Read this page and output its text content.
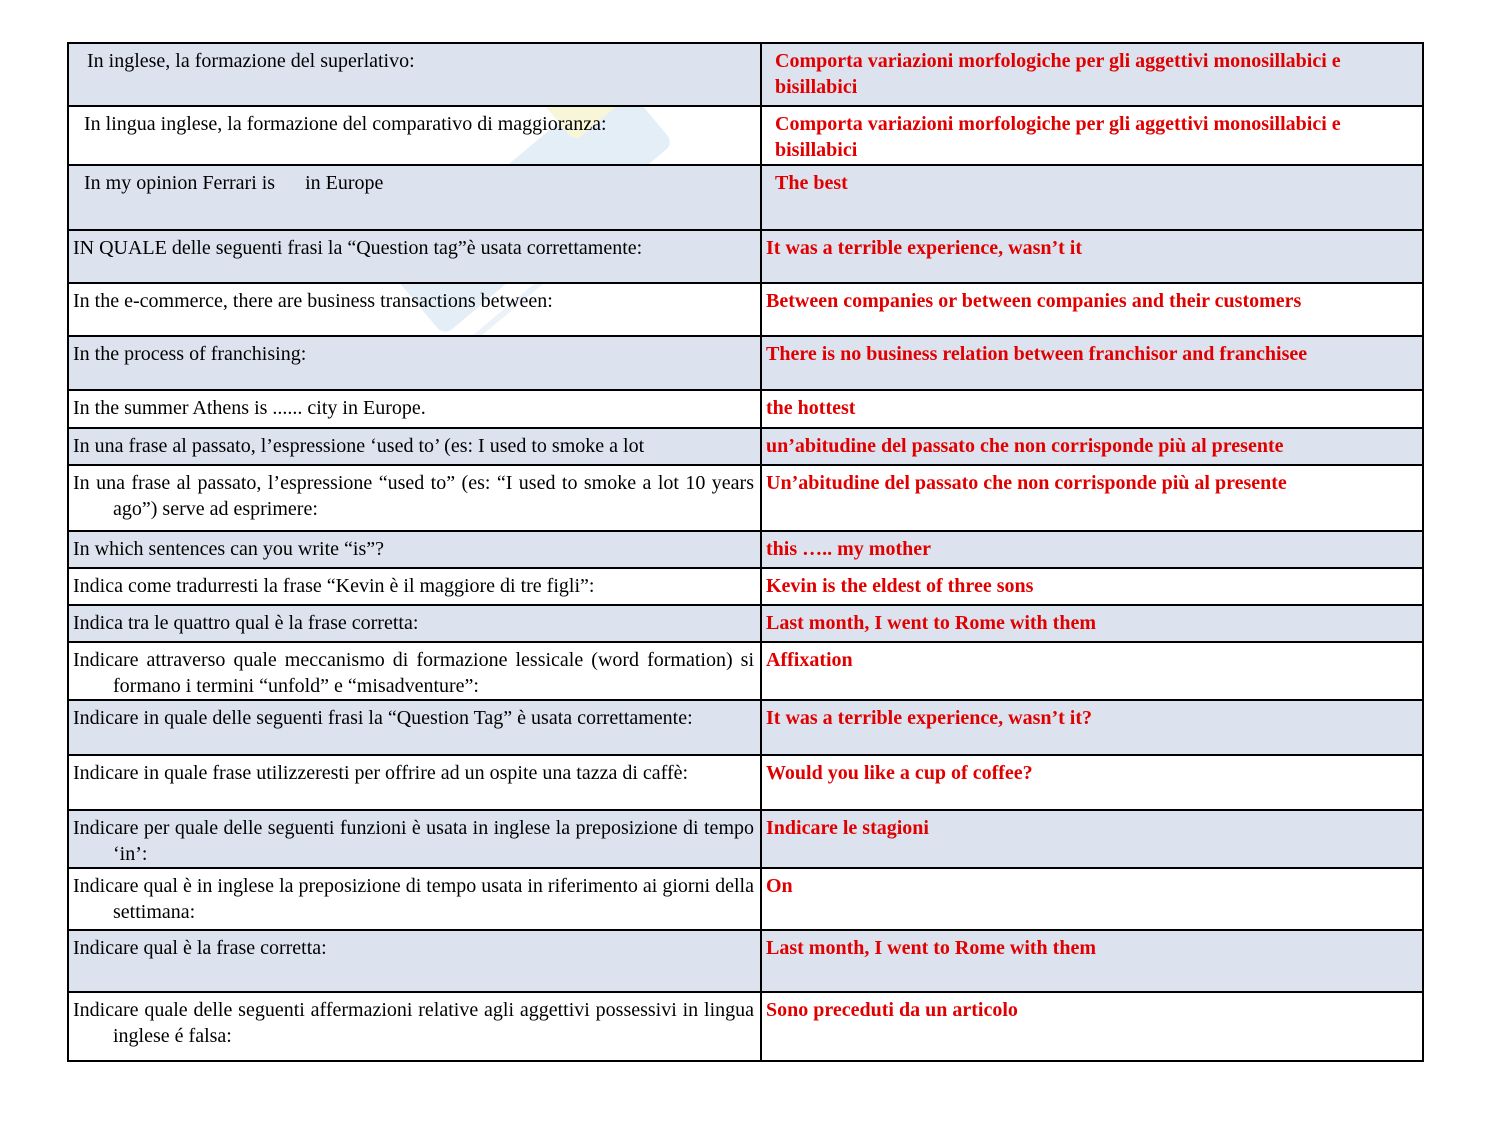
In inglese, la formazione del superlativo:	Comporta variazioni morfologiche per gli aggettivi monosillabici e bisillabici

In lingua inglese, la formazione del comparativo di maggioranza:	Comporta variazioni morfologiche per gli aggettivi monosillabici e bisillabici

In my opinion Ferrari is      in Europe	The best

IN QUALE delle seguenti frasi la “Question tag”è usata correttamente:	It was a terrible experience, wasn’t it

In the e-commerce, there are business transactions between:	Between companies or between companies and their customers

In the process of franchising:	There is no business relation between franchisor and franchisee

In the summer Athens is ...... city in Europe.	the hottest

In una frase al passato, l’espressione ‘used to’ (es: I used to smoke a lot	un’abitudine del passato che non corrisponde più al presente

In una frase al passato, l’espressione “used to” (es: “I used to smoke a lot 10 years ago”) serve ad esprimere:	Un’abitudine del passato che non corrisponde più al presente

In which sentences can you write “is”?	this ….. my mother

Indica come tradurresti la frase “Kevin è il maggiore di tre figli”:	Kevin is the eldest of three sons

Indica tra le quattro qual è la frase corretta:	Last month, I went to Rome with them

Indicare attraverso quale meccanismo di formazione lessicale (word formation) si formano i termini “unfold” e “misadventure”:	Affixation

Indicare in quale delle seguenti frasi la “Question Tag” è usata correttamente:	It was a terrible experience, wasn’t it?

Indicare in quale frase utilizzeresti per offrire ad un ospite una tazza di caffè:	Would you like a cup of coffee?

Indicare per quale delle seguenti funzioni è usata in inglese la preposizione di tempo ‘in’:	Indicare le stagioni

Indicare qual è in inglese la preposizione di tempo usata in riferimento ai giorni della settimana:	On

Indicare qual è la frase corretta:	Last month, I went to Rome with them

Indicare quale delle seguenti affermazioni relative agli aggettivi possessivi in lingua inglese é falsa:	Sono preceduti da un articolo
